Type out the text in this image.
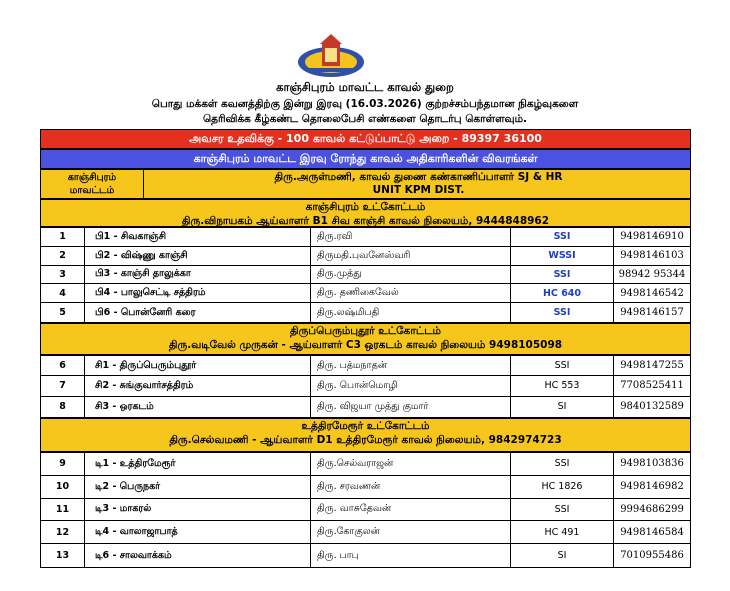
காஞ்சிபுரம் மாவட்ட காவல் துறை
பொது மக்கள் கவனத்திற்கு இன்று இரவு (16.03.2026) குற்றச்சம்பந்தமான நிகழ்வுகளை
தெரிவிக்க கீழ்கண்ட தொலைபேசி எண்களை தொடர்பு கொள்ளவும்.
அவசர உதவிக்கு - 100 காவல் கட்டுப்பாட்டு அறை - 89397 36100
காஞ்சிபுரம் மாவட்ட இரவு ரோந்து காவல் அதிகாரிகளின் விவரங்கள்
காஞ்சிபுரம்
மாவட்டம்
திரு.அருள்மணி, காவல் துணை கண்காணிப்பாளர் SJ & HR
UNIT KPM DIST.
காஞ்சிபுரம் உட்கோட்டம்
திரு.விநாயகம் ஆய்வாளர் B1 சிவ காஞ்சி காவல் நிலையம், 9444848962
1	பி1 - சிவகாஞ்சி	திரு.ரவி	SSI	9498146910
2	பி2 - விஷ்ணு காஞ்சி	திருமதி.புவனேஸ்வரி	WSSI	9498146103
3	பி3 - காஞ்சி தாலுக்கா	திரு.முத்து	SSI	98942 95344
4	பி4 - பாலுசெட்டி சத்திரம்	திரு. தணிகைவேல்	HC 640	9498146542
5	பி6 - பொன்னேரி கரை	திரு.லஷ்மிபதி	SSI	9498146157
திருப்பெரும்புதூர் உட்கோட்டம்
திரு.வடிவேல் முருகன் - ஆய்வாளர் C3 ஒரகடம் காவல் நிலையம் 9498105098
6	சி1 - திருப்பெரும்புதூர்	திரு. பத்மநாதன்	SSI	9498147255
7	சி2 - சுங்குவார்சத்திரம்	திரு. பொன்மொழி	HC 553	7708525411
8	சி3 - ஒரகடம்	திரு. விஜயா முத்து குமார்	SI	9840132589
உத்திரமேரூர் உட்கோட்டம்
திரு.செல்வமணி - ஆய்வாளர் D1 உத்திரமேரூர் காவல் நிலையம், 9842974723
9	டி1 - உத்திரமேரூர்	திரு.செல்வராஜன்	SSI	9498103836
10	டி2 - பெருநகர்	திரு. சரவணன்	HC 1826	9498146982
11	டி3 - மாகரல்	திரு. வாசுதேவன்	SSI	9994686299
12	டி4 - வாலாஜாபாத்	திரு.கோகுலன்	HC 491	9498146584
13	டி6 - சாலவாக்கம்	திரு. பாபு	SI	7010955486
